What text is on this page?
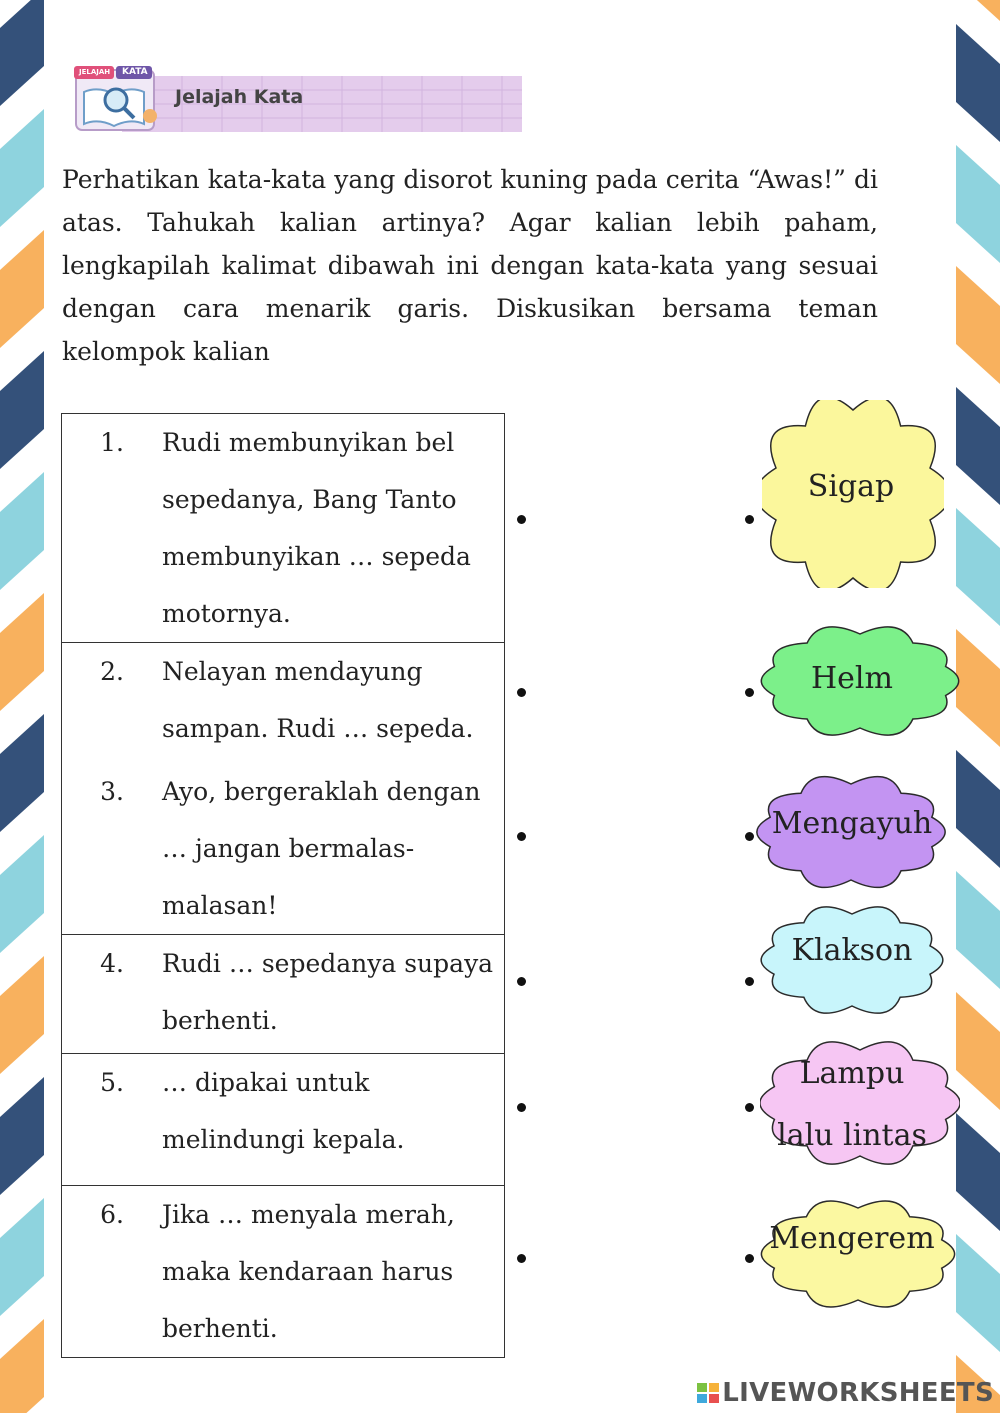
JELAJAH KATA
Jelajah Kata
Perhatikan kata-kata yang disorot kuning pada cerita “Awas!” di atas. Tahukah kalian artinya? Agar kalian lebih paham, lengkapilah kalimat dibawah ini dengan kata-kata yang sesuai dengan cara menarik garis. Diskusikan bersama teman kelompok kalian
1.	Rudi membunyikan bel sepedanya, Bang Tanto membunyikan … sepeda motornya.

2.	Nelayan mendayung sampan. Rudi … sepeda.
3.	Ayo, bergeraklah dengan … jangan bermalas-malasan!

4.	Rudi … sepedanya supaya berhenti.

5.	… dipakai untuk melindungi kepala.

6.	Jika … menyala merah, maka kendaraan harus berhenti.
Sigap
Helm
Mengayuh
Klakson
Lampu
lalu lintas
Mengerem
LIVEWORKSHEETS
